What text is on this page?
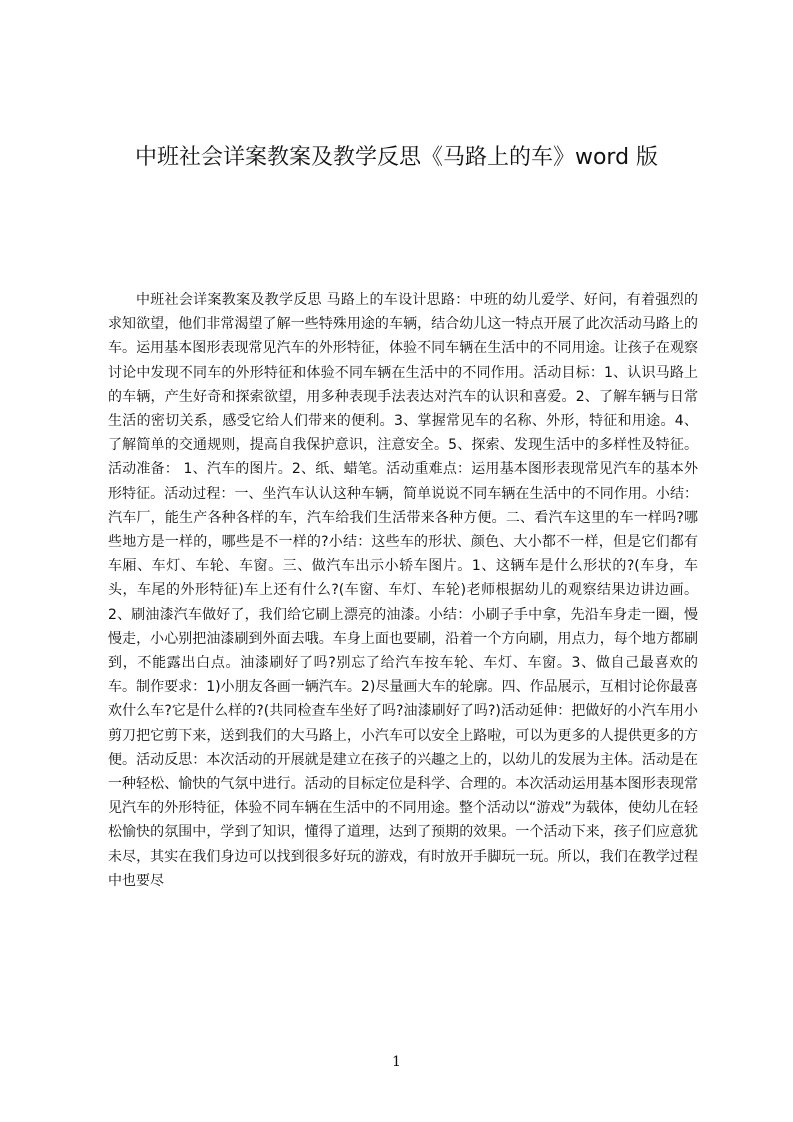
中班社会详案教案及教学反思《马路上的车》word 版
中班社会详案教案及教学反思 马路上的车设计思路：中班的幼儿爱学、好问，有着强烈的求知欲望，他们非常渴望了解一些特殊用途的车辆，结合幼儿这一特点开展了此次活动马路上的车。运用基本图形表现常见汽车的外形特征，体验不同车辆在生活中的不同用途。让孩子在观察讨论中发现不同车的外形特征和体验不同车辆在生活中的不同作用。活动目标：1、认识马路上的车辆，产生好奇和探索欲望，用多种表现手法表达对汽车的认识和喜爱。2、了解车辆与日常生活的密切关系，感受它给人们带来的便利。3、掌握常见车的名称、外形，特征和用途。4、了解简单的交通规则，提高自我保护意识，注意安全。5、探索、发现生活中的多样性及特征。活动准备： 1、汽车的图片。2、纸、蜡笔。活动重难点：运用基本图形表现常见汽车的基本外形特征。活动过程：一、坐汽车认认这种车辆，简单说说不同车辆在生活中的不同作用。小结：汽车厂，能生产各种各样的车，汽车给我们生活带来各种方便。二、看汽车这里的车一样吗?哪些地方是一样的，哪些是不一样的?小结：这些车的形状、颜色、大小都不一样，但是它们都有车厢、车灯、车轮、车窗。三、做汽车出示小轿车图片。1、这辆车是什么形状的?(车身，车头，车尾的外形特征)车上还有什么?(车窗、车灯、车轮)老师根据幼儿的观察结果边讲边画。2、刷油漆汽车做好了，我们给它刷上漂亮的油漆。小结：小刷子手中拿，先沿车身走一圈，慢慢走，小心别把油漆刷到外面去哦。车身上面也要刷，沿着一个方向刷，用点力，每个地方都刷到，不能露出白点。油漆刷好了吗?别忘了给汽车按车轮、车灯、车窗。3、做自己最喜欢的车。制作要求：1)小朋友各画一辆汽车。2)尽量画大车的轮廓。四、作品展示，互相讨论你最喜欢什么车?它是什么样的?(共同检查车坐好了吗?油漆刷好了吗?)活动延伸：把做好的小汽车用小剪刀把它剪下来，送到我们的大马路上，小汽车可以安全上路啦，可以为更多的人提供更多的方便。活动反思：本次活动的开展就是建立在孩子的兴趣之上的，以幼儿的发展为主体。活动是在一种轻松、愉快的气氛中进行。活动的目标定位是科学、合理的。本次活动运用基本图形表现常见汽车的外形特征，体验不同车辆在生活中的不同用途。整个活动以“游戏”为载体，使幼儿在轻松愉快的氛围中，学到了知识，懂得了道理，达到了预期的效果。一个活动下来，孩子们应意犹未尽，其实在我们身边可以找到很多好玩的游戏，有时放开手脚玩一玩。所以，我们在教学过程中也要尽
1
